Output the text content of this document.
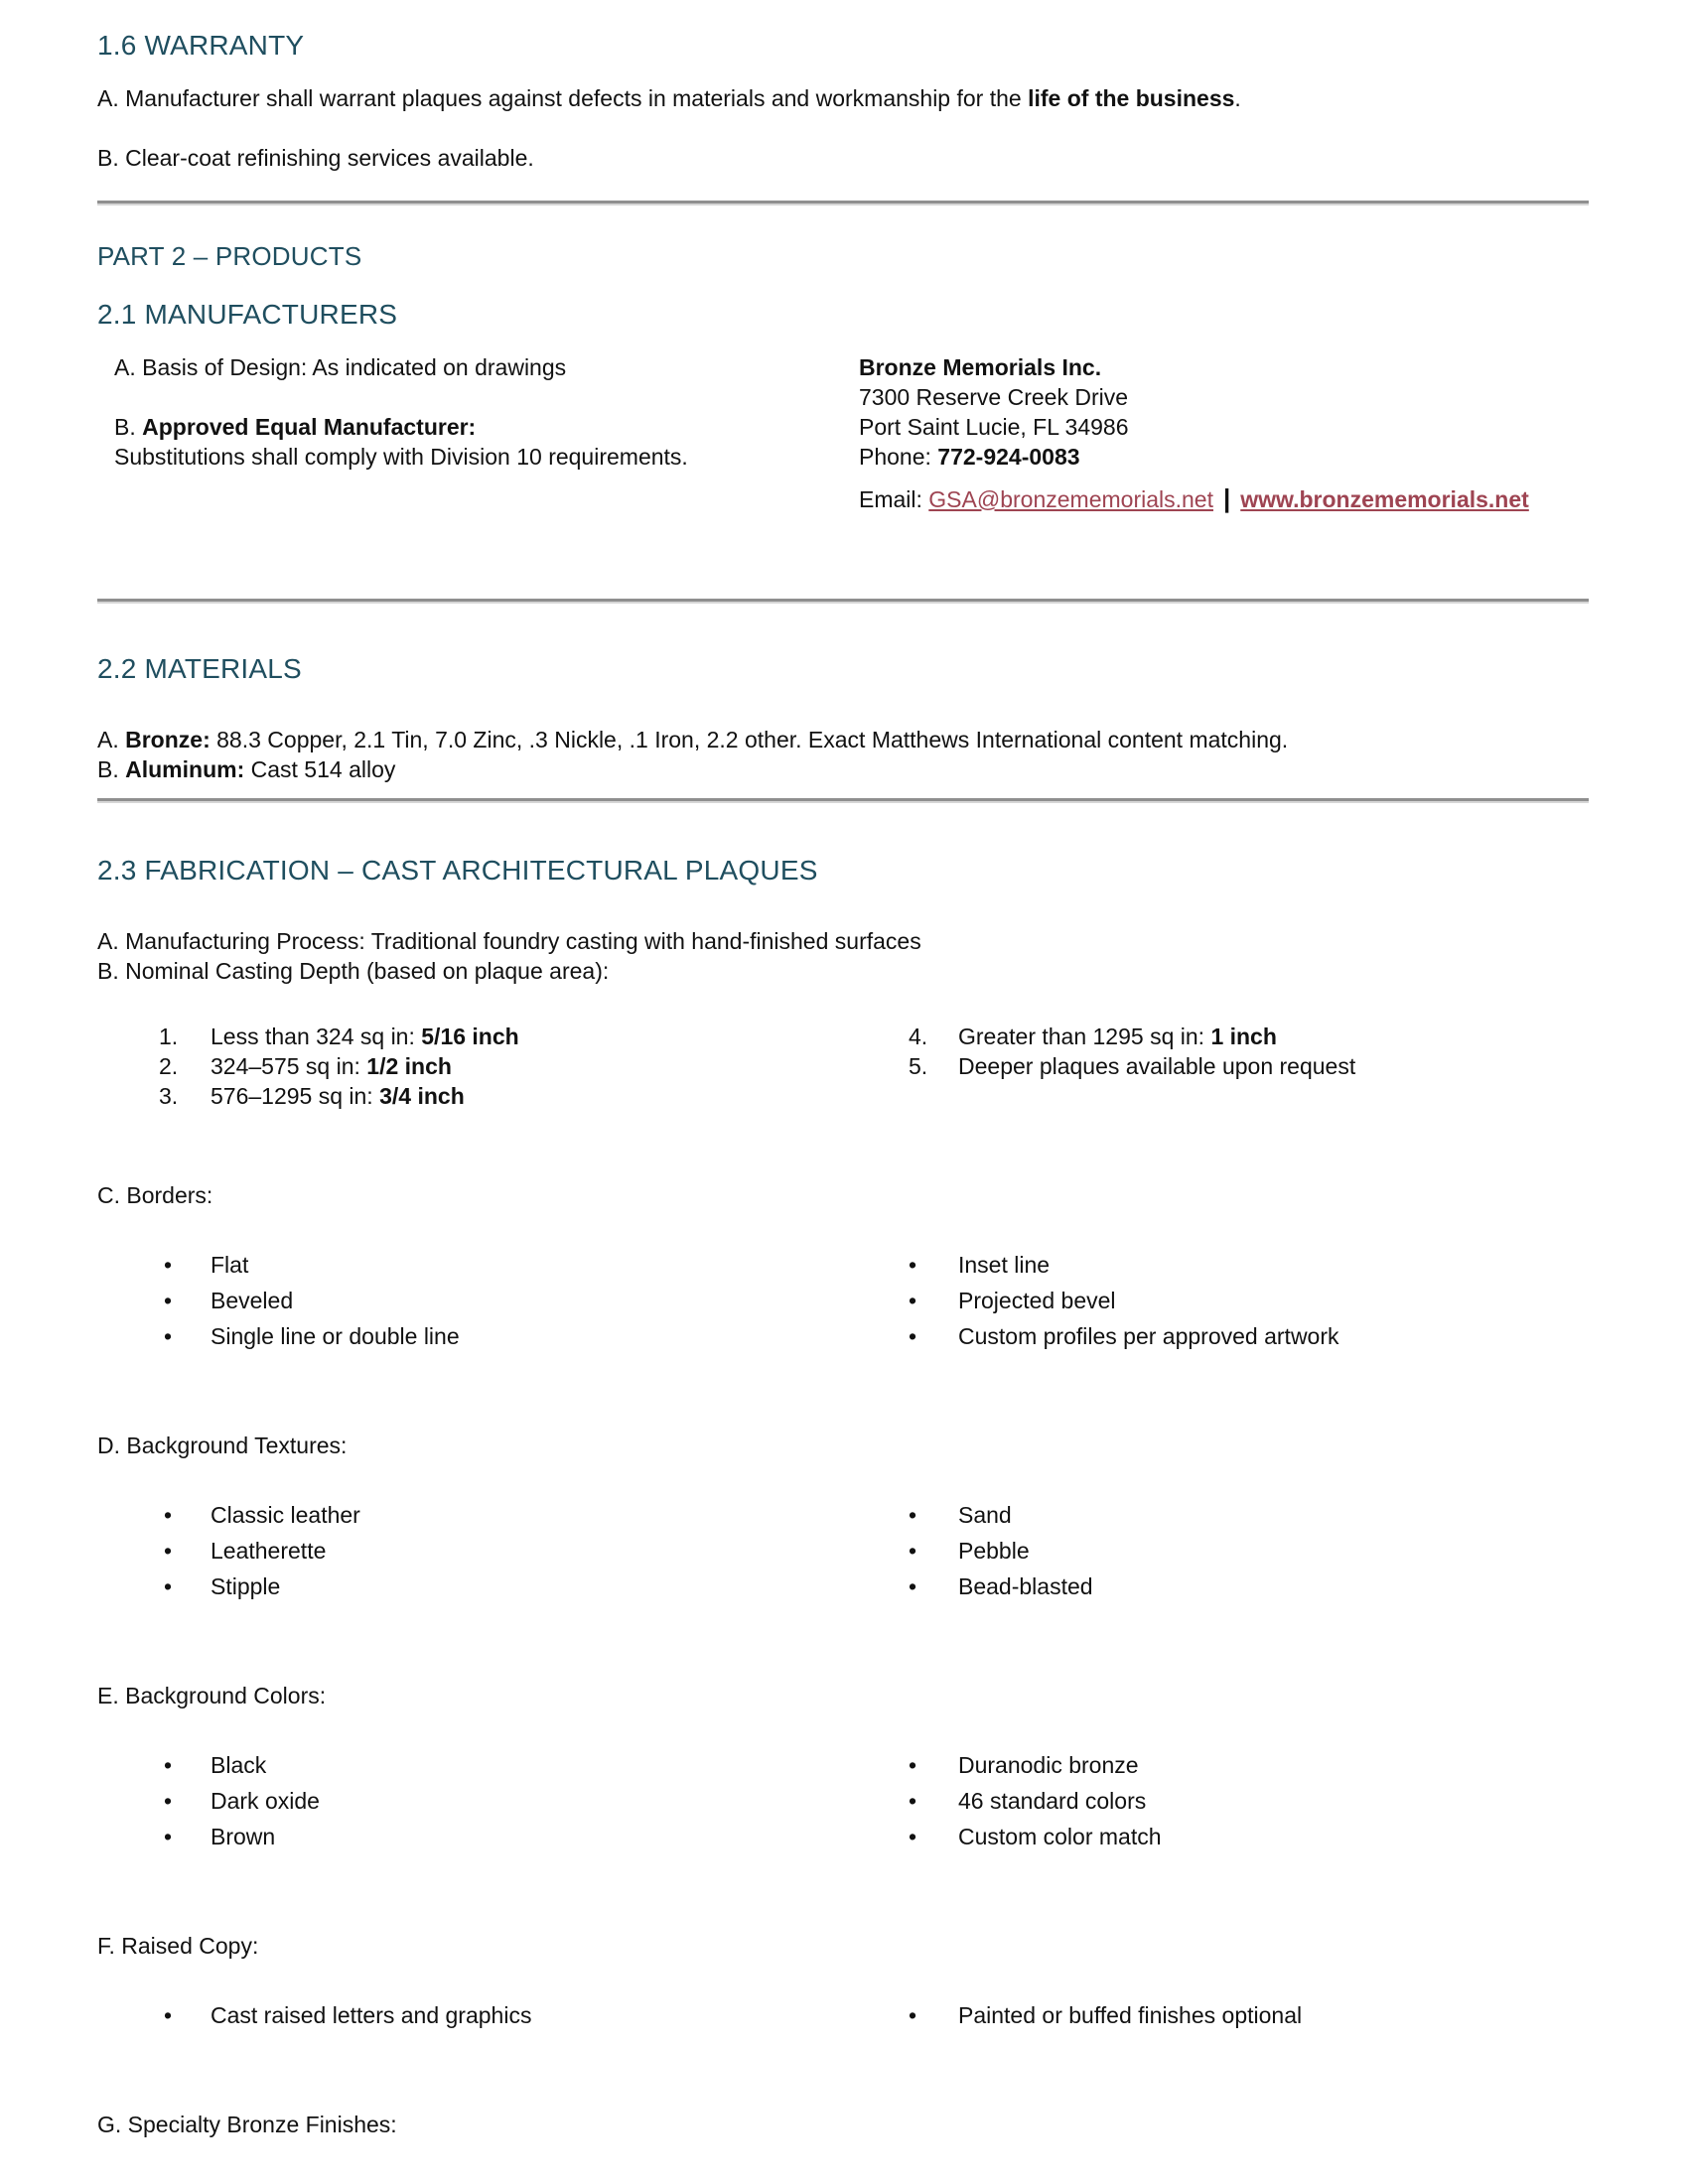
1.6 WARRANTY

A. Manufacturer shall warrant plaques against defects in materials and workmanship for the life of the business.

B. Clear-coat refinishing services available.

PART 2 – PRODUCTS
2.1 MANUFACTURERS
A. Basis of Design: As indicated on drawings
B. Approved Equal Manufacturer:
Substitutions shall comply with Division 10 requirements.
Bronze Memorials Inc.
7300 Reserve Creek Drive
Port Saint Lucie, FL 34986
Phone: 772-924-0083
Email: GSA@bronzememorials.net | www.bronzememorials.net
2.2 MATERIALS
A. Bronze: 88.3 Copper, 2.1 Tin, 7.0 Zinc, .3 Nickle, .1 Iron, 2.2 other. Exact Matthews International content matching.
B. Aluminum: Cast 514 alloy
2.3 FABRICATION – CAST ARCHITECTURAL PLAQUES
A. Manufacturing Process: Traditional foundry casting with hand-finished surfaces
B. Nominal Casting Depth (based on plaque area):
1.	Less than 324 sq in: 5/16 inch
2.	324–575 sq in: 1/2 inch
3.	576–1295 sq in: 3/4 inch
4.	Greater than 1295 sq in: 1 inch
5.	Deeper plaques available upon request
C. Borders:
•
Flat
•
Beveled
•
Single line or double line
•
Inset line
•
Projected bevel
•
Custom profiles per approved artwork
D. Background Textures:
•
Classic leather
•
Leatherette
•
Stipple
•
Sand
•
Pebble
•
Bead-blasted
E. Background Colors:
•
Black
•
Dark oxide
•
Brown
•
Duranodic bronze
•
46 standard colors
•
Custom color match
F. Raised Copy:
•
Cast raised letters and graphics •	Painted or buffed finishes optional
G. Specialty Bronze Finishes:
